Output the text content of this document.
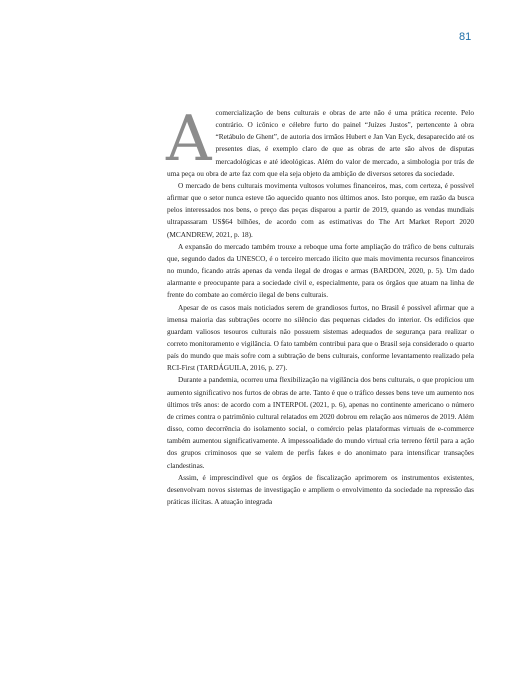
81

A comercialização de bens culturais e obras de arte não é uma prática recente. Pelo contrário. O icônico e célebre furto do painel “Juízes Justos”, pertencente à obra “Retábulo de Ghent”, de autoria dos irmãos Hubert e Jan Van Eyck, desaparecido até os presentes dias, é exemplo claro de que as obras de arte são alvos de disputas mercadológicas e até ideológicas. Além do valor de mercado, a simbologia por trás de uma peça ou obra de arte faz com que ela seja objeto da ambição de diversos setores da sociedade.

O mercado de bens culturais movimenta vultosos volumes financeiros, mas, com certeza, é possível afirmar que o setor nunca esteve tão aquecido quanto nos últimos anos. Isto porque, em razão da busca pelos interessados nos bens, o preço das peças disparou a partir de 2019, quando as vendas mundiais ultrapassaram US$64 bilhões, de acordo com as estimativas do The Art Market Report 2020 (MCANDREW, 2021, p. 18).

A expansão do mercado também trouxe a reboque uma forte ampliação do tráfico de bens culturais que, segundo dados da UNESCO, é o terceiro mercado ilícito que mais movimenta recursos financeiros no mundo, ficando atrás apenas da venda ilegal de drogas e armas (BARDON, 2020, p. 5). Um dado alarmante e preocupante para a sociedade civil e, especialmente, para os órgãos que atuam na linha de frente do combate ao comércio ilegal de bens culturais.

Apesar de os casos mais noticiados serem de grandiosos furtos, no Brasil é possível afirmar que a imensa maioria das subtrações ocorre no silêncio das pequenas cidades do interior. Os edifícios que guardam valiosos tesouros culturais não possuem sistemas adequados de segurança para realizar o correto monitoramento e vigilância. O fato também contribui para que o Brasil seja considerado o quarto país do mundo que mais sofre com a subtração de bens culturais, conforme levantamento realizado pela RCI-First (TARDÁGUILA, 2016, p. 27).

Durante a pandemia, ocorreu uma flexibilização na vigilância dos bens culturais, o que propiciou um aumento significativo nos furtos de obras de arte. Tanto é que o tráfico desses bens teve um aumento nos últimos três anos: de acordo com a INTERPOL (2021, p. 6), apenas no continente americano o número de crimes contra o patrimônio cultural relatados em 2020 dobrou em relação aos números de 2019. Além disso, como decorrência do isolamento social, o comércio pelas plataformas virtuais de e-commerce também aumentou significativamente. A impessoalidade do mundo virtual cria terreno fértil para a ação dos grupos criminosos que se valem de perfis fakes e do anonimato para intensificar transações clandestinas.

Assim, é imprescindível que os órgãos de fiscalização aprimorem os instrumentos existentes, desenvolvam novos sistemas de investigação e ampliem o envolvimento da sociedade na repressão das práticas ilícitas. A atuação integrada
